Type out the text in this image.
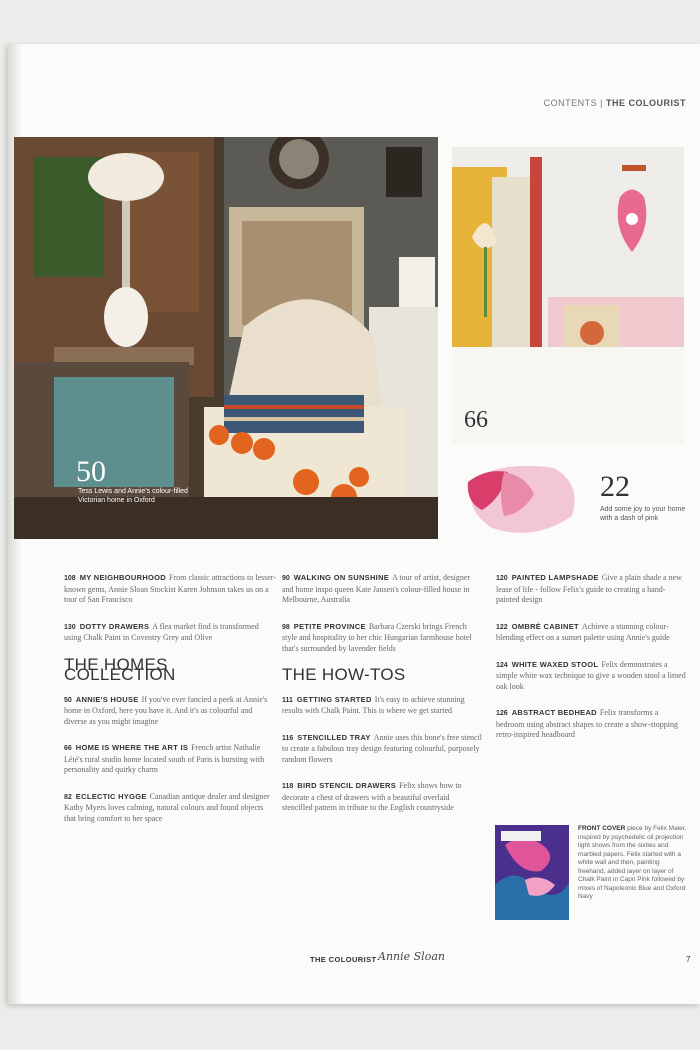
CONTENTS | THE COLOURIST
50
Tess Lewis and Annie's colour-filled Victorian home in Oxford
66
22
Add some joy to your home with a dash of pink
108 MY NEIGHBOURHOOD From classic attractions to lesser-known gems, Annie Sloan Stockist Karen Johnson takes us on a tour of San Francisco
130 DOTTY DRAWERS A flea market find is transformed using Chalk Paint in Coventry Grey and Olive
THE HOMES COLLECTION
50 ANNIE'S HOUSE If you've ever fancied a peek at Annie's home in Oxford, here you have it. And it's as colourful and diverse as you might imagine
66 HOME IS WHERE THE ART IS French artist Nathalie Lété's rural studio home located south of Paris is bursting with personality and quirky charm
82 ECLECTIC HYGGE Canadian antique dealer and designer Kathy Myers loves calming, natural colours and found objects that bring comfort to her space
90 WALKING ON SUNSHINE A tour of artist, designer and home inspo queen Kate Jansen's colour-filled house in Melbourne, Australia
98 PETITE PROVINCE Barbara Czerski brings French style and hospitality to her chic Hungarian farmhouse hotel that's surrounded by lavender fields
THE HOW-TOS
111 GETTING STARTED It's easy to achieve stunning results with Chalk Paint. This is where we get started
116 STENCILLED TRAY Annie uses this bone's free stencil to create a fabulous tray design featuring colourful, purposely random flowers
118 BIRD STENCIL DRAWERS Felix shows how to decorate a chest of drawers with a beautiful overlaid stencilled pattern in tribute to the English countryside
120 PAINTED LAMPSHADE Give a plain shade a new lease of life - follow Felix's guide to creating a hand-painted design
122 OMBRÉ CABINET Achieve a stunning colour-blending effect on a sunset palette using Annie's guide
124 WHITE WAXED STOOL Felix demonstrates a simple white wax technique to give a wooden stool a limed oak look
126 ABSTRACT BEDHEAD Felix transforms a bedroom using abstract shapes to create a show-stopping retro-inspired headboard
FRONT COVER piece by Felix Maier, inspired by psychedelic oil projection light shows from the sixties and marbled papers. Felix started with a white wall and then, painting freehand, added layer on layer of Chalk Paint in Capri Pink followed by mixes of Napoleonic Blue and Oxford Navy
THE COLOURIST Annie Sloan	7
